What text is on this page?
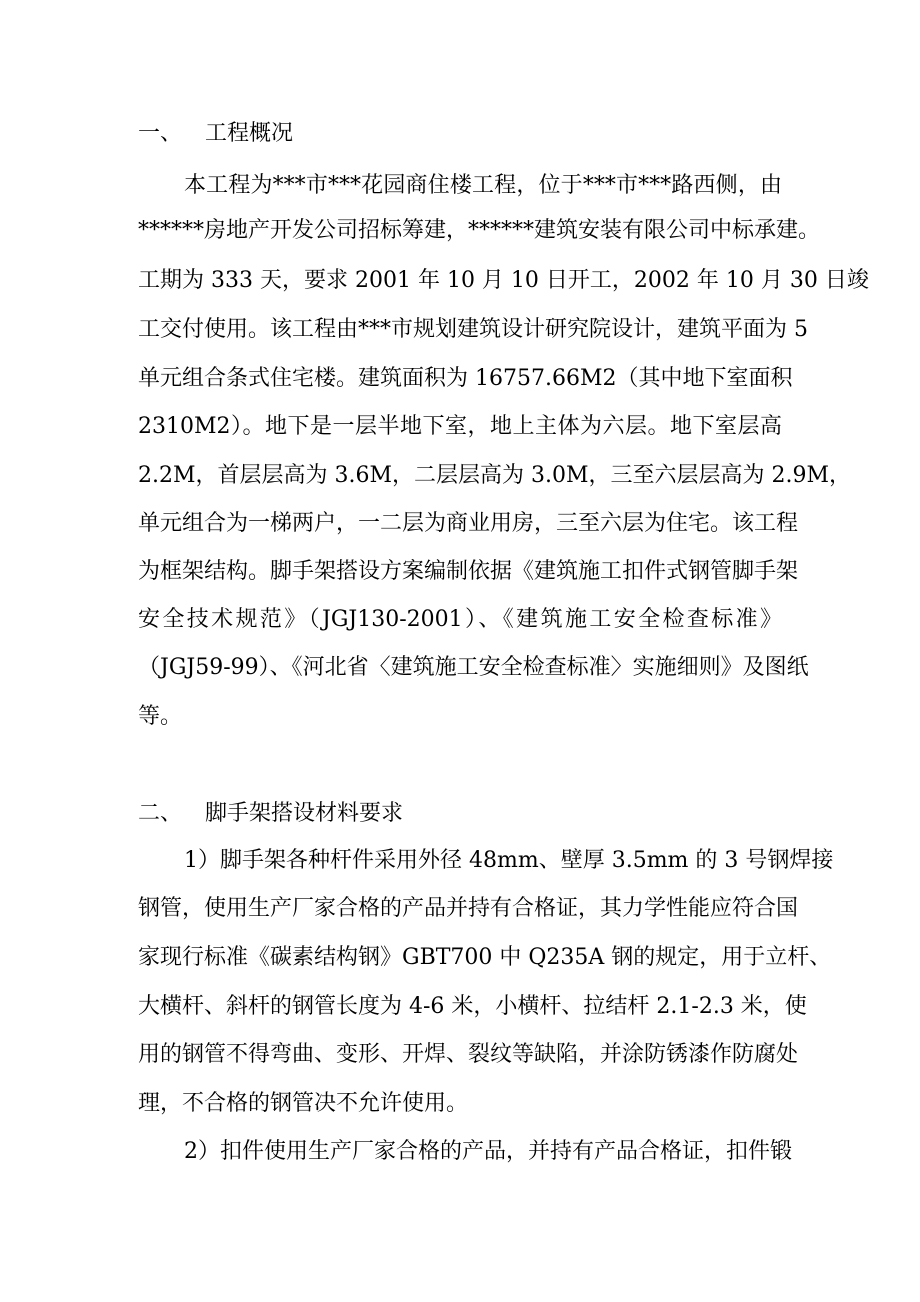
一、 工程概况
本工程为***市***花园商住楼工程，位于***市***路西侧，由
******房地产开发公司招标筹建，******建筑安装有限公司中标承建。
工期为 333 天，要求 2001 年 10 月 10 日开工，2002 年 10 月 30 日竣
工交付使用。该工程由***市规划建筑设计研究院设计，建筑平面为 5
单元组合条式住宅楼。建筑面积为 16757.66M2（其中地下室面积
2310M2）。地下是一层半地下室，地上主体为六层。地下室层高
2.2M，首层层高为 3.6M，二层层高为 3.0M，三至六层层高为 2.9M，
单元组合为一梯两户，一二层为商业用房，三至六层为住宅。该工程
为框架结构。脚手架搭设方案编制依据《建筑施工扣件式钢管脚手架
安全技术规范》（JGJ130-2001）、《建筑施工安全检查标准》
（JGJ59-99）、《河北省〈建筑施工安全检查标准〉实施细则》及图纸
等。
二、 脚手架搭设材料要求
1）脚手架各种杆件采用外径 48mm、壁厚 3.5mm 的 3 号钢焊接
钢管，使用生产厂家合格的产品并持有合格证，其力学性能应符合国
家现行标准《碳素结构钢》GBT700 中 Q235A 钢的规定，用于立杆、
大横杆、斜杆的钢管长度为 4-6 米，小横杆、拉结杆 2.1-2.3 米，使
用的钢管不得弯曲、变形、开焊、裂纹等缺陷，并涂防锈漆作防腐处
理，不合格的钢管决不允许使用。
2）扣件使用生产厂家合格的产品，并持有产品合格证，扣件锻
